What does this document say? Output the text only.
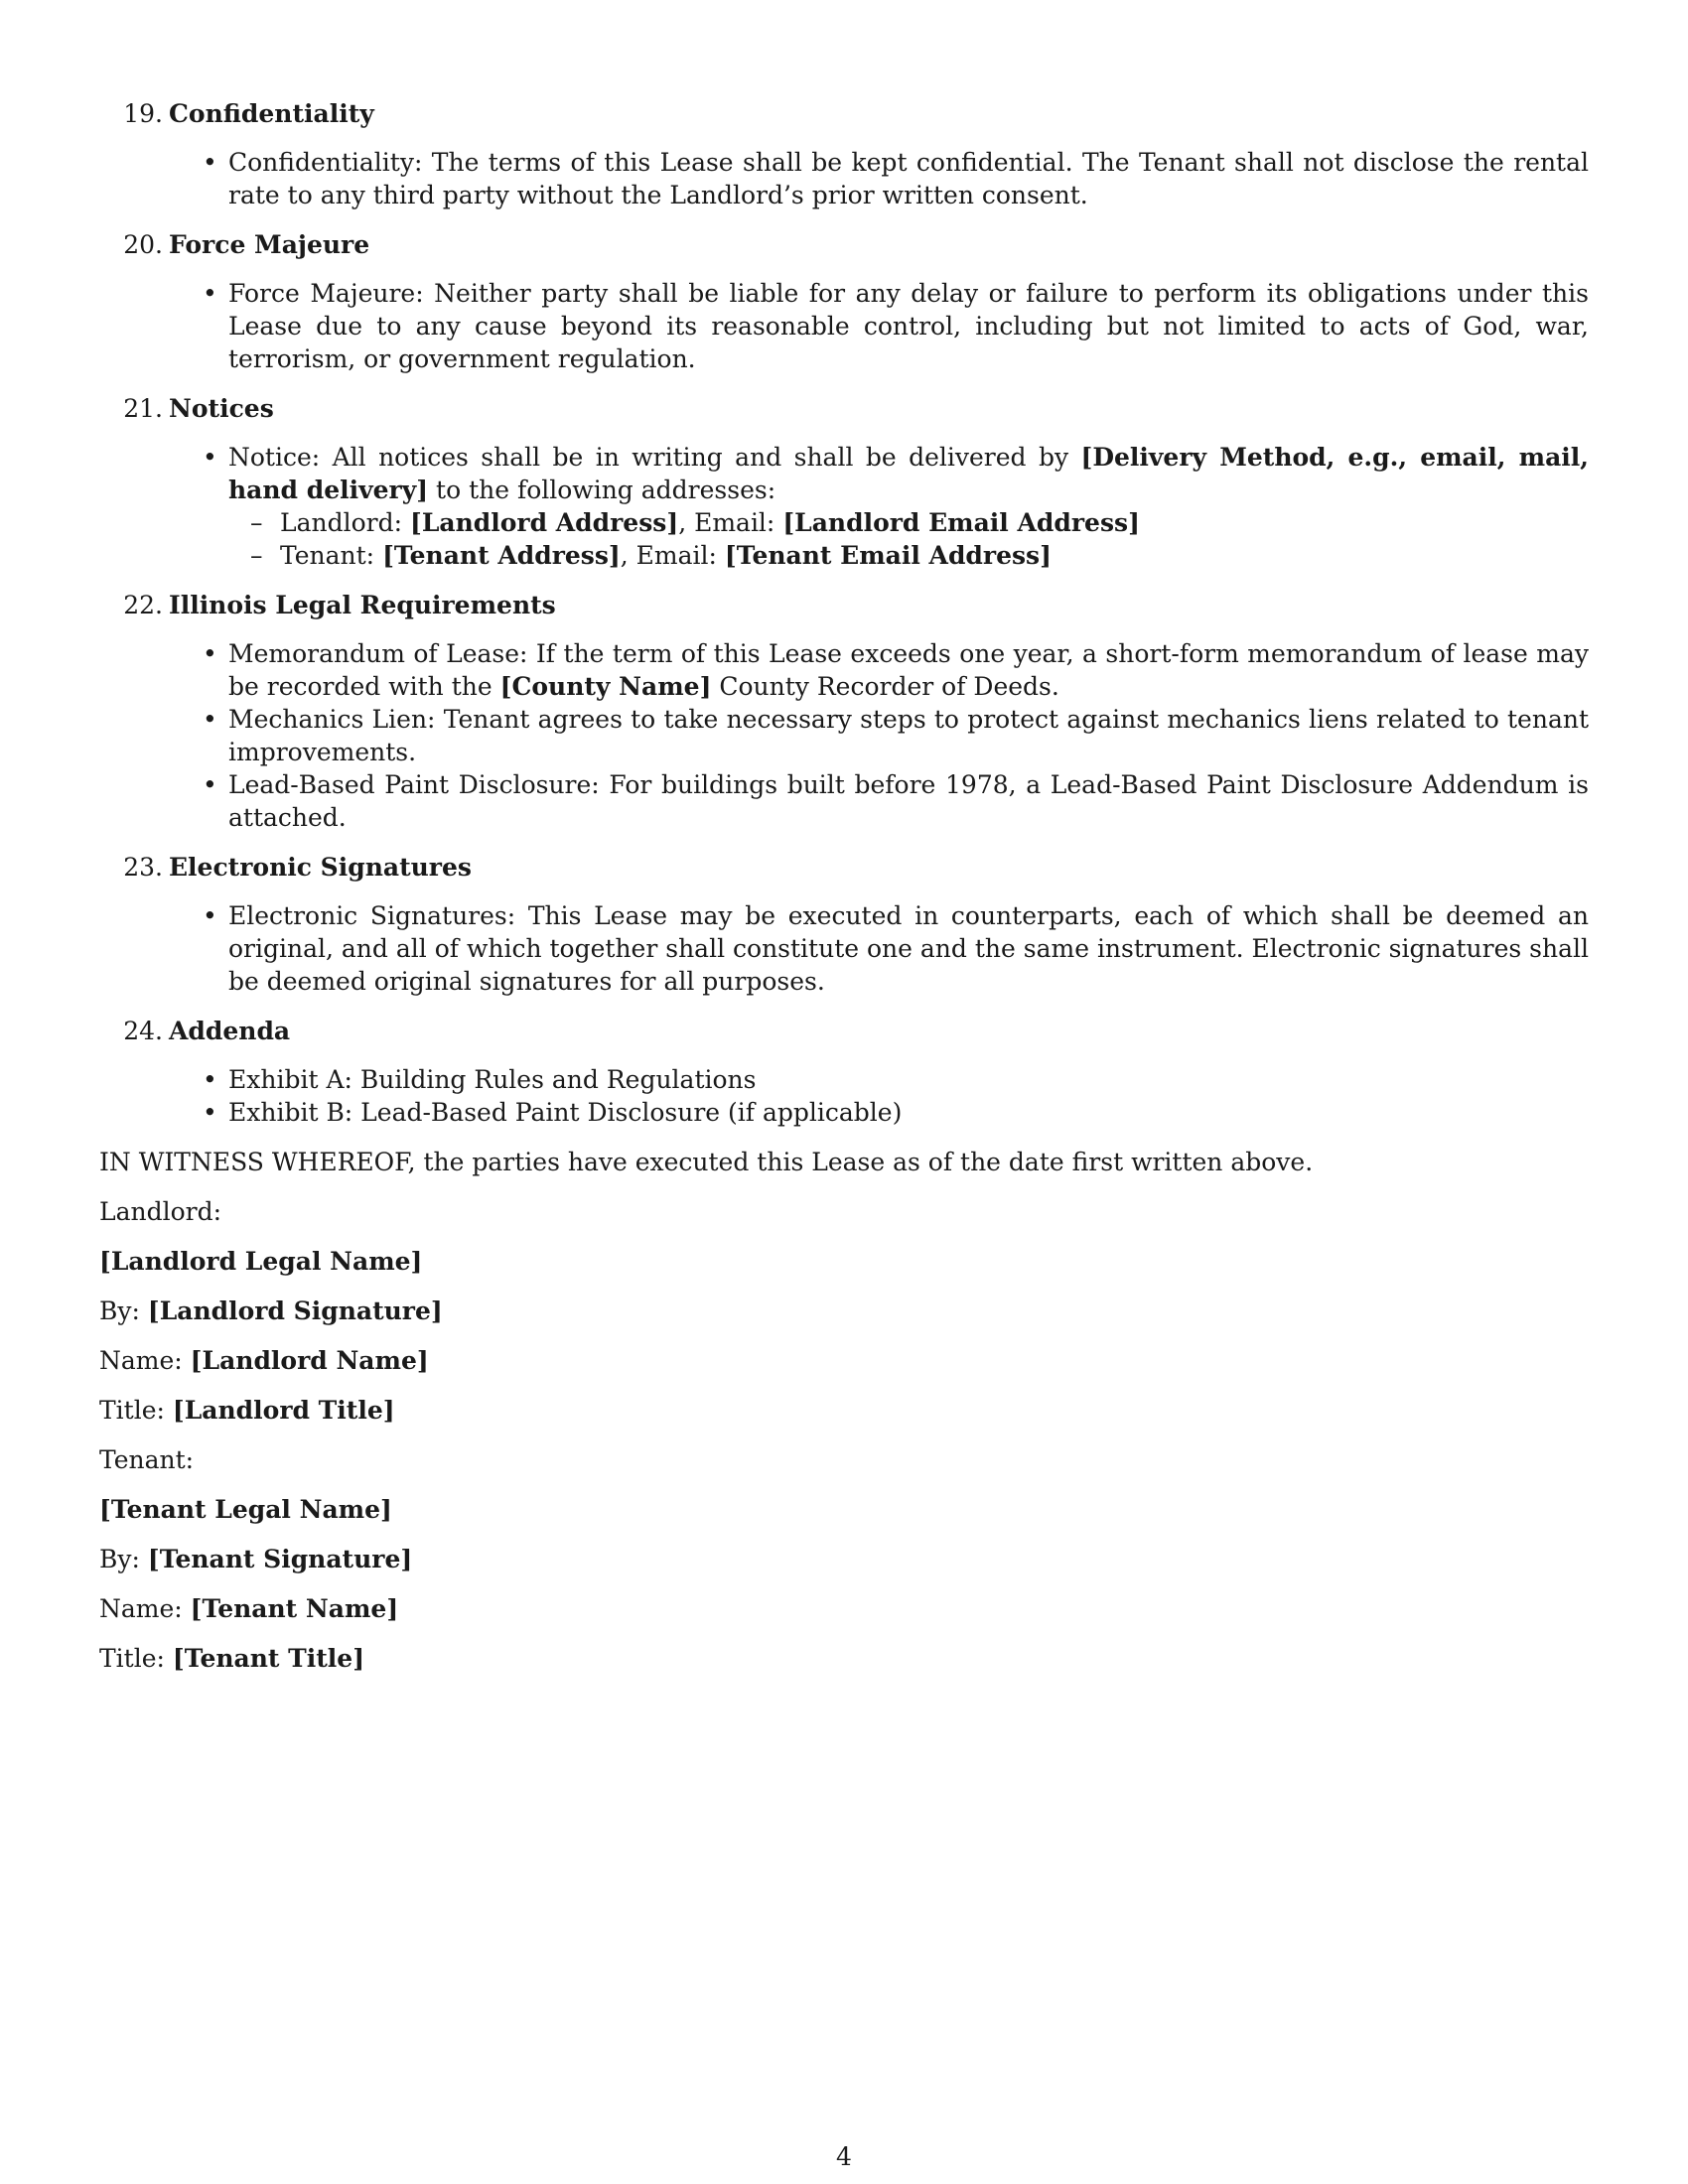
19. Confidentiality
• Confidentiality: The terms of this Lease shall be kept confidential. The Tenant shall not disclose the rental rate to any third party without the Landlord’s prior written consent.
20. Force Majeure
• Force Majeure: Neither party shall be liable for any delay or failure to perform its obligations under this Lease due to any cause beyond its reasonable control, including but not limited to acts of God, war, terrorism, or government regulation.
21. Notices
• Notice: All notices shall be in writing and shall be delivered by [Delivery Method, e.g., email, mail, hand delivery] to the following addresses:
– Landlord: [Landlord Address], Email: [Landlord Email Address]
– Tenant: [Tenant Address], Email: [Tenant Email Address]
22. Illinois Legal Requirements
• Memorandum of Lease: If the term of this Lease exceeds one year, a short-form memorandum of lease may be recorded with the [County Name] County Recorder of Deeds.
• Mechanics Lien: Tenant agrees to take necessary steps to protect against mechanics liens related to tenant improvements.
• Lead-Based Paint Disclosure: For buildings built before 1978, a Lead-Based Paint Disclosure Addendum is attached.
23. Electronic Signatures
• Electronic Signatures: This Lease may be executed in counterparts, each of which shall be deemed an original, and all of which together shall constitute one and the same instrument. Electronic signatures shall be deemed original signatures for all purposes.
24. Addenda
• Exhibit A: Building Rules and Regulations
• Exhibit B: Lead-Based Paint Disclosure (if applicable)
IN WITNESS WHEREOF, the parties have executed this Lease as of the date first written above.
Landlord:
[Landlord Legal Name]
By: [Landlord Signature]
Name: [Landlord Name]
Title: [Landlord Title]
Tenant:
[Tenant Legal Name]
By: [Tenant Signature]
Name: [Tenant Name]
Title: [Tenant Title]
4
